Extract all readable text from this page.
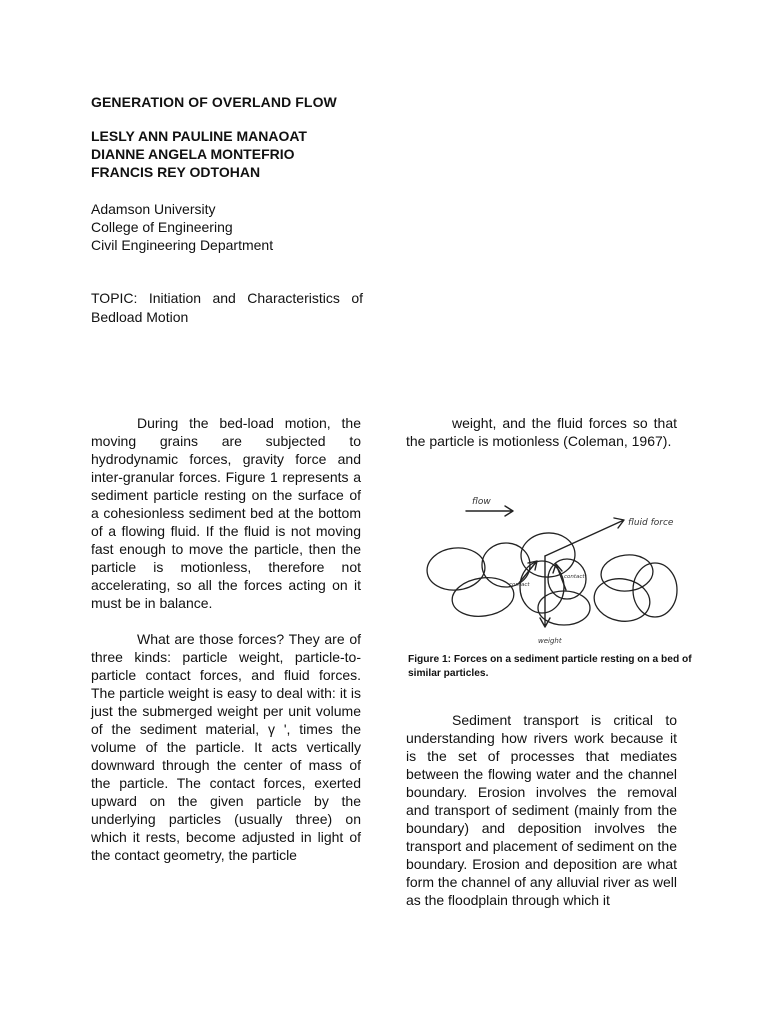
GENERATION OF OVERLAND FLOW
LESLY ANN PAULINE MANAOAT
DIANNE ANGELA MONTEFRIO
FRANCIS REY ODTOHAN
Adamson University
College of Engineering
Civil Engineering Department
TOPIC: Initiation and Characteristics of Bedload Motion

During the bed-load motion, the moving grains are subjected to hydrodynamic forces, gravity force and inter-granular forces. Figure 1 represents a sediment particle resting on the surface of a cohesionless sediment bed at the bottom of a flowing fluid. If the fluid is not moving fast enough to move the particle, then the particle is motionless, therefore not accelerating, so all the forces acting on it must be in balance.

What are those forces? They are of three kinds: particle weight, particle-to-particle contact forces, and fluid forces. The particle weight is easy to deal with: it is just the submerged weight per unit volume of the sediment material, γ ', times the volume of the particle. It acts vertically downward through the center of mass of the particle. The contact forces, exerted upward on the given particle by the underlying particles (usually three) on which it rests, become adjusted in light of the contact geometry, the particle

weight, and the fluid forces so that the particle is motionless (Coleman, 1967).

flow
fluid force
weight
contact
contact
Figure 1: Forces on a sediment particle resting on a bed of similar particles.

Sediment transport is critical to understanding how rivers work because it is the set of processes that mediates between the flowing water and the channel boundary. Erosion involves the removal and transport of sediment (mainly from the boundary) and deposition involves the transport and placement of sediment on the boundary. Erosion and deposition are what form the channel of any alluvial river as well as the floodplain through which it
